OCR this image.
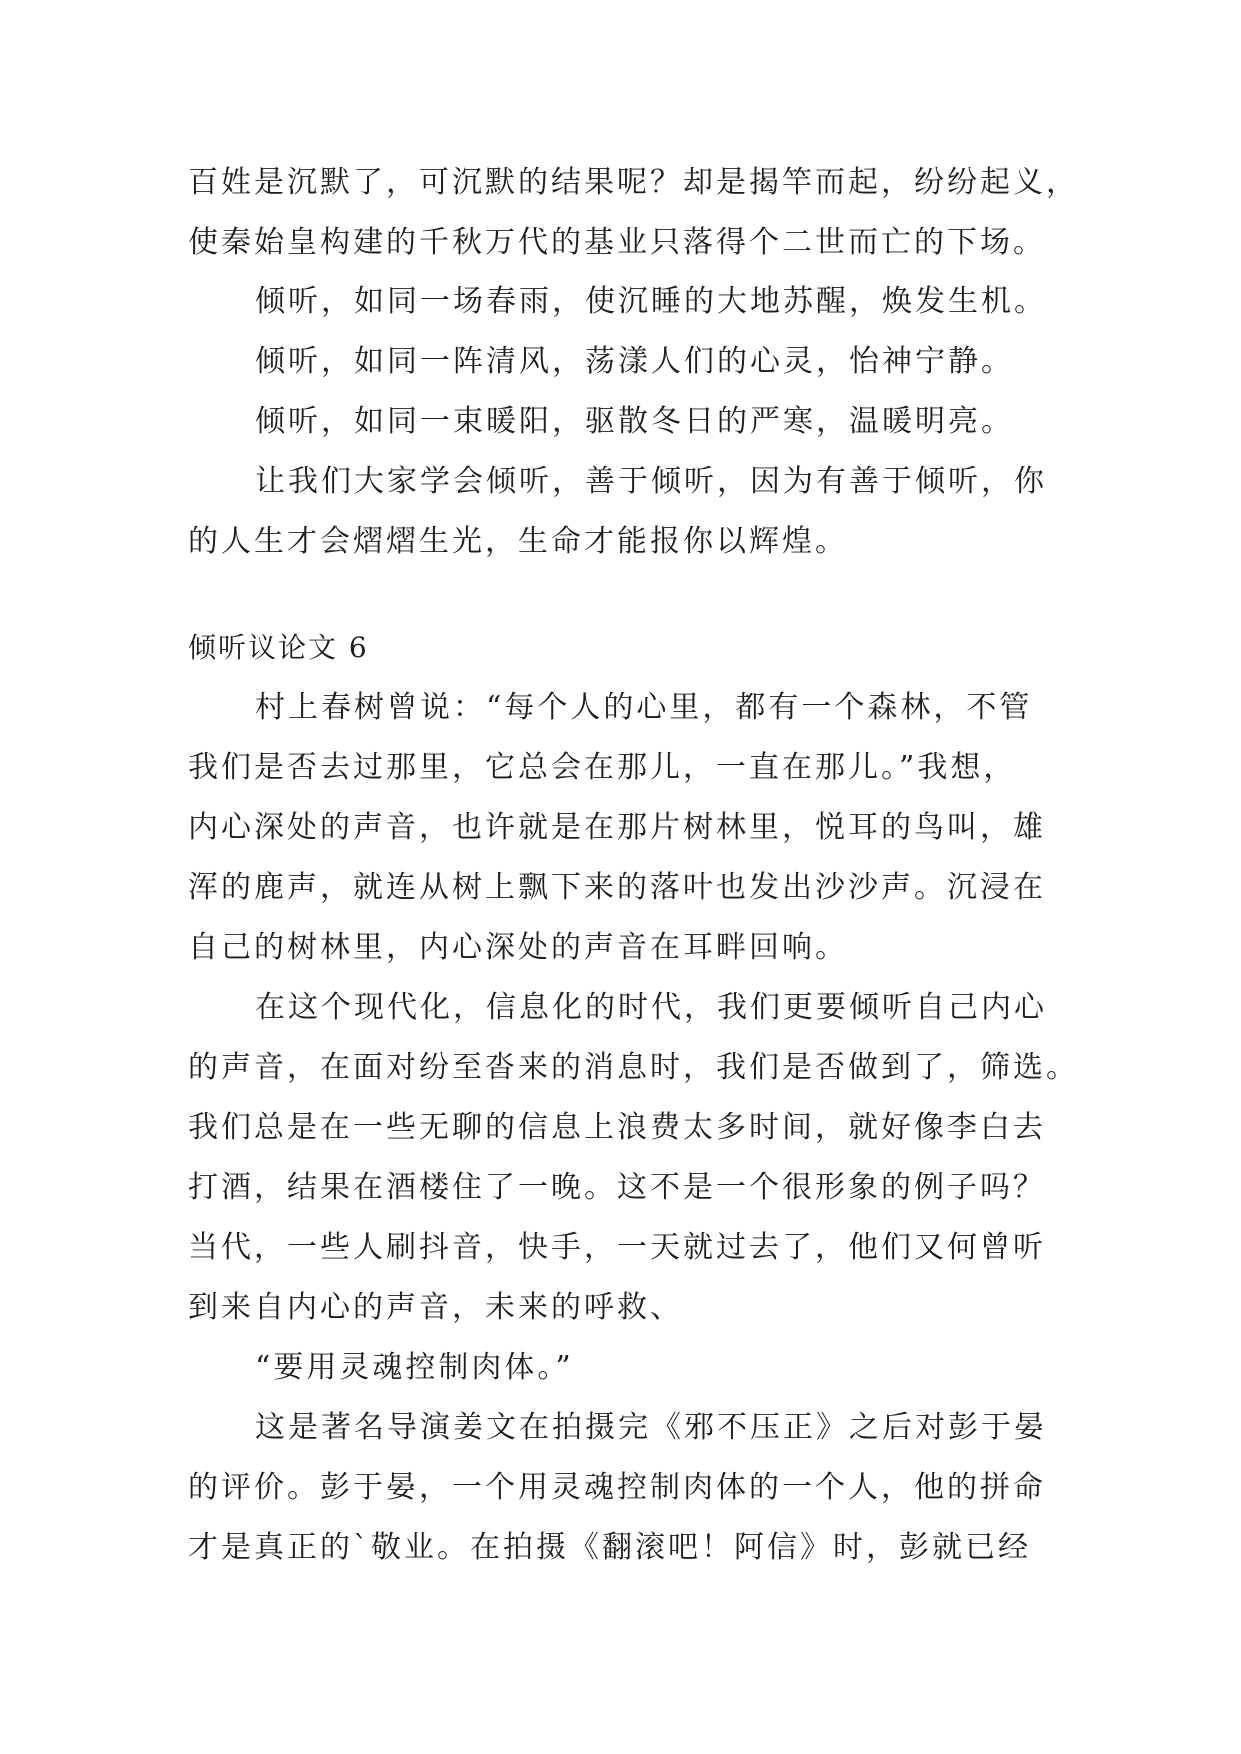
百姓是沉默了，可沉默的结果呢？却是揭竿而起，纷纷起义，
使秦始皇构建的千秋万代的基业只落得个二世而亡的下场。
倾听，如同一场春雨，使沉睡的大地苏醒，焕发生机。
倾听，如同一阵清风，荡漾人们的心灵，怡神宁静。
倾听，如同一束暖阳，驱散冬日的严寒，温暖明亮。
让我们大家学会倾听，善于倾听，因为有善于倾听，你
的人生才会熠熠生光，生命才能报你以辉煌。
倾听议论文 6
村上春树曾说：“每个人的心里，都有一个森林，不管
我们是否去过那里，它总会在那儿，一直在那儿。”我想，
内心深处的声音，也许就是在那片树林里，悦耳的鸟叫，雄
浑的鹿声，就连从树上飘下来的落叶也发出沙沙声。沉浸在
自己的树林里，内心深处的声音在耳畔回响。
在这个现代化，信息化的时代，我们更要倾听自己内心
的声音，在面对纷至沓来的消息时，我们是否做到了，筛选。
我们总是在一些无聊的信息上浪费太多时间，就好像李白去
打酒，结果在酒楼住了一晚。这不是一个很形象的例子吗？
当代，一些人刷抖音，快手，一天就过去了，他们又何曾听
到来自内心的声音，未来的呼救、
“要用灵魂控制肉体。”
这是著名导演姜文在拍摄完《邪不压正》之后对彭于晏
的评价。彭于晏，一个用灵魂控制肉体的一个人，他的拼命
才是真正的`敬业。在拍摄《翻滚吧！阿信》时，彭就已经
